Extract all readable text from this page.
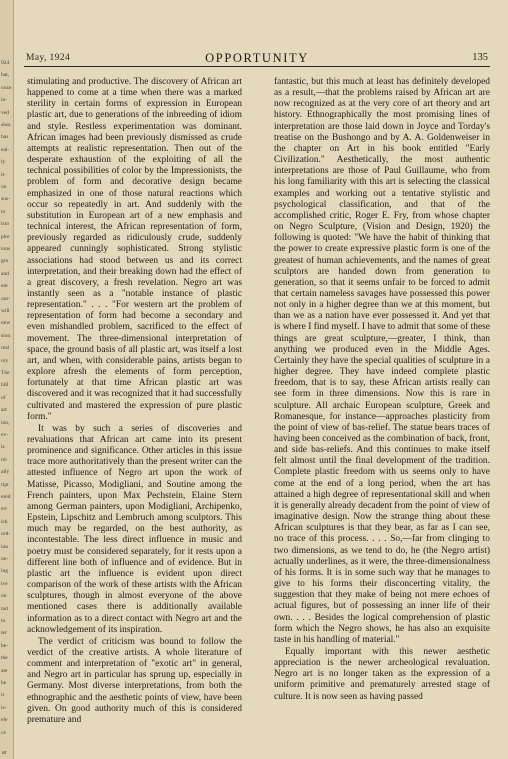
924
hat,
ooze
in-
ved
sion.
has
eal-
ly
it-
on
sus-
to
lsto
pire
ions
gro
and
ent
our-
will
new
sion
real
ory
The
hill
of
art
ion,
ev-
is
rd-
ally
ript
ered
eri
ick
ord-
ion
un-
ing
ive
on
ind
to
ter
be-
the
ate
he
ir
is-
ele
ce
May, 1924	OPPORTUNITY	135

stimulating and productive. The discovery of African art happened to come at a time when there was a marked sterility in certain forms of expression in European plastic art, due to generations of the inbreeding of idiom and style. Restless experimentation was dominant. African images had been previously dismissed as crude attempts at realistic representation. Then out of the desperate exhaustion of the exploiting of all the technical possibilities of color by the Impressionists, the problem of form and decorative design became emphasized in one of those natural reactions which occur so repeatedly in art. And suddenly with the substitution in European art of a new emphasis and technical interest, the African representation of form, previously regarded as ridiculously crude, suddenly appeared cunningly sophisticated. Strong stylistic associations had stood between us and its correct interpretation, and their breaking down had the effect of a great discovery, a fresh revelation. Negro art was instantly seen as a "notable instance of plastic representation." . . . "For western art the problem of representation of form had become a secondary and even mishandled problem, sacrificed to the effect of movement. The three-dimensional interpretation of space, the ground basis of all plastic art, was itself a lost art, and when, with considerable pains, artists began to explore afresh the elements of form perception, fortunately at that time African plastic art was discovered and it was recognized that it had successfully cultivated and mastered the expression of pure plastic form."

It was by such a series of discoveries and revaluations that African art came into its present prominence and significance. Other articles in this issue trace more authoritatively than the present writer can the attested influence of Negro art upon the work of Matisse, Picasso, Modigliani, and Soutine among the French painters, upon Max Pechstein, Elaine Stern among German painters, upon Modigliani, Archipenko, Epstein, Lipschitz and Lembruch among sculptors. This much may be regarded, on the best authority, as incontestable. The less direct influence in music and poetry must be considered separately, for it rests upon a different line both of influence and of evidence. But in plastic art the influence is evident upon direct comparison of the work of these artists with the African sculptures, though in almost everyone of the above mentioned cases there is additionally available information as to a direct contact with Negro art and the acknowledgement of its inspiration.

The verdict of criticism was bound to follow the verdict of the creative artists. A whole literature of comment and interpretation of "exotic art" in general, and Negro art in particular has sprung up, especially in Germany. Most diverse interpretations, from both the ethnographic and the aesthetic points of view, have been given. On good authority much of this is considered premature and

fantastic, but this much at least has definitely developed as a result,—that the problems raised by African art are now recognized as at the very core of art theory and art history. Ethnographically the most promising lines of interpretation are those laid down in Joyce and Torday's treatise on the Bushongo and by A. A. Goldenweiser in the chapter on Art in his book entitled "Early Civilization." Aesthetically, the most authentic interpretations are those of Paul Guillaume, who from his long familiarity with this art is selecting the classical examples and working out a tentative stylistic and psychological classification, and that of the accomplished critic, Roger E. Fry, from whose chapter on Negro Sculpture, (Vision and Design, 1920) the following is quoted: "We have the habit of thinking that the power to create expressive plastic form is one of the greatest of human achievements, and the names of great sculptors are handed down from generation to generation, so that it seems unfair to be forced to admit that certain nameless savages have possessed this power not only in a higher degree than we at this moment, but than we as a nation have ever possessed it. And yet that is where I find myself. I have to admit that some of these things are great sculpture,—greater, I think, than anything we produced even in the Middle Ages. Certainly they have the special qualities of sculpture in a higher degree. They have indeed complete plastic freedom, that is to say, these African artists really can see form in three dimensions. Now this is rare in sculpture. All archaic European sculpture, Greek and Romanesque, for instance—approaches plasticity from the point of view of bas-relief. The statue bears traces of having been conceived as the combination of back, front, and side bas-reliefs. And this continues to make itself felt almost until the final development of the tradition. Complete plastic freedom with us seems only to have come at the end of a long period, when the art has attained a high degree of representational skill and when it is generally already decadent from the point of view of imaginative design. Now the strange thing about these African sculptures is that they bear, as far as I can see, no trace of this process. . . . So,—far from clinging to two dimensions, as we tend to do, he (the Negro artist) actually underlines, as it were, the three-dimensionalness of his forms. It is in some such way that he manages to give to his forms their disconcerting vitality, the suggestion that they make of being not mere echoes of actual figures, but of possessing an inner life of their own. . . . Besides the logical comprehension of plastic form which the Negro shows, he has also an exquisite taste in his handling of material."

Equally important with this newer aesthetic appreciation is the newer archeological revaluation. Negro art is no longer taken as the expression of a uniform primitive and prematurely arrested stage of culture. It is now seen as having passed

ar
